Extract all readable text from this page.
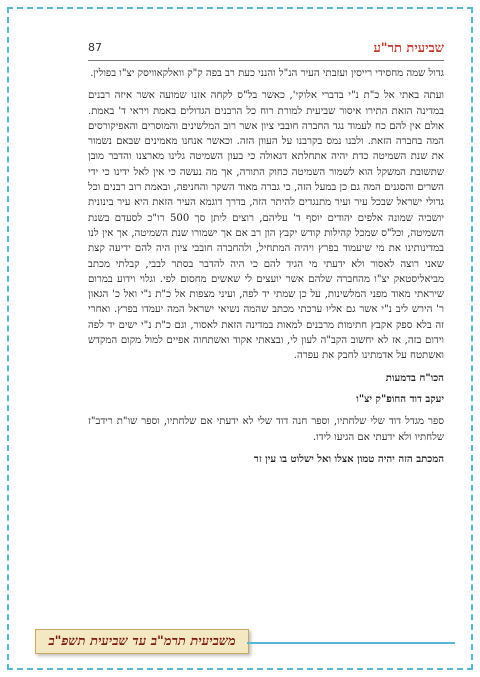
שביעית תר"ע
87

גדול שמה מחסידי רייסין ועזבתי העיר הנ"ל והנני כעת רב בפה ק"ק וואלקאוויסק יצ"ו בפולין.

ועתה באתי אל כ"ת נ"י בדברי אלוקי', כאשר בל"ס לקחה אזנו שמועה אשר איזה רבנים במדינה הזאת התירו איסור שביעית למורת רוח כל הרבנים הגדולים באמת ויראי ד' באמת. אולם אין להם כח לעמוד נגד החברה חובבי ציון אשר רוב המלשינים והמוסרים והאפיקורסים המה בחברה הזאת. ולבנו נמס בקרבנו על העוון הזה. וכאשר אנחנו מאמינים שבאם נשמור את שנת השמיטה כדת יהיה אתחלתא דגאולה כי בעון השמיטה גלינו מארצנו והדבר מובן שתשובת המשקל הוא לשמור השמיטה כחוק התורה, אך מה נעשה כי אין לאל ידינו כי ידי השרים והסגנים המה גם כן במעל הזה, כי גברה מאוד השקר והחניפה, ובאמת רוב רבנים וכל גדולי ישראל שבכל עיר ועיר מתנגדים להיתר הזה, בדרך דוגמא העיר הזאת היא עיר בינונית יושביה שמונה אלפים יהודים יוסף ד' עליהם, רוצים ליתן סך 500 רו"כ לסעדם בשנת השמיטה, וכל"ס שמכל קהילות קודש יקבץ הון רב אם אך ישמורו שנת השמיטה, אך אין לנו במדינותינו את מי שיעמוד בפרץ ויהיה המתחיל, ולהחברה חובבי ציון היה להם ידיעה קצת שאני רוצה לאסור ולא ידעתי מי הגיד להם כי היה להדבר בסתר לבבי, קבלתי מכתב מביאליסטאק יצ"ו מהחברה שלהם אשר יועצים לי שאשים מחסום לפי. וגלוי וידוע במרום שיראתי מאוד מפני המלשינות, על כן שמתי יד לפה, ועיני מצפות אל כ"ת נ"י ואל כ' הגאון ר' הירש ליב נ"י אשר גם אליו ערכתי מכתב שהמה נשיאי ישראל המה יעמדו בפרץ. ואחרי זה בלא ספק אקבץ חתימות מרבנים למאות במדינה הזאת לאסור, וגם כ"ת נ"י ישים יד לפה וידום בזה, אז לא יחשוב הקב"ה לעון לי, ובצאתי אקוד ואשתחוה אפיים למול מקום המקדש ואשתטח על אדמתינו לחבק את עפרה.

הכו"ח בדמעות

יעקב דוד החופ"ק יצ"ו

ספר מגדל דוד שלי שלחתיו, וספר חנה דוד שלי לא ידעתי אם שלחתיו, וספר שו"ת רידב"ז שלחתיו ולא ידעתי אם הגיעו לידו.

המכתב הזה יהיה טמון אצלו ואל ישלוט בו עין זר

משביעית תרמ"ב עד שביעית תשפ"ב
